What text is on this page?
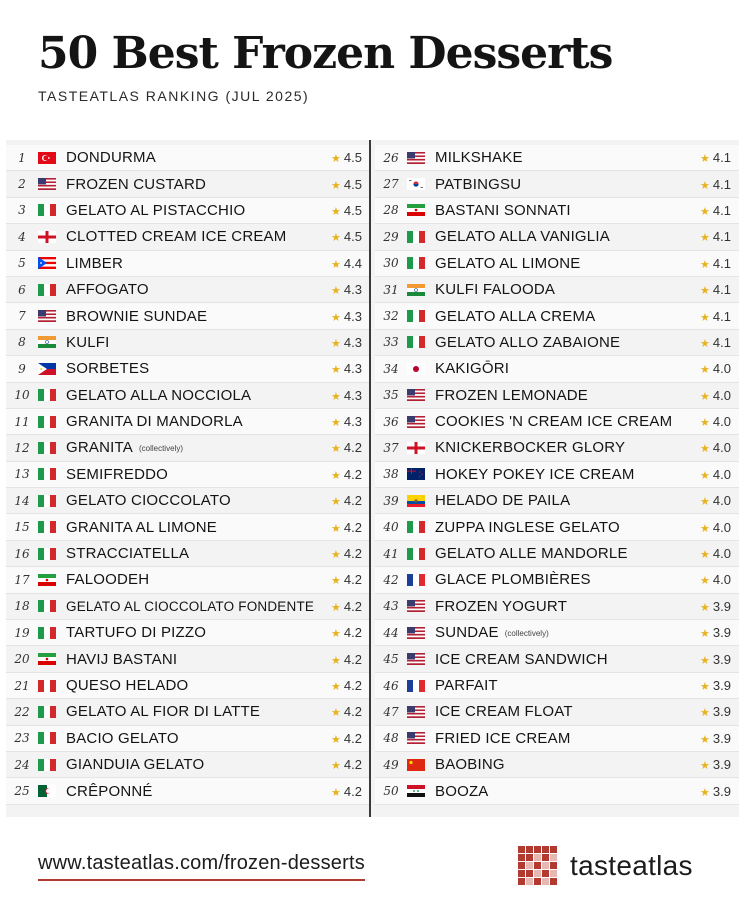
50 Best Frozen Desserts
TASTEATLAS RANKING (JUL 2025)
1	DONDURMA	★ 4.5
2	FROZEN CUSTARD	★ 4.5
3	GELATO AL PISTACCHIO	★ 4.5
4	CLOTTED CREAM ICE CREAM	★ 4.5
5	LIMBER	★ 4.4
6	AFFOGATO	★ 4.3
7	BROWNIE SUNDAE	★ 4.3
8	KULFI	★ 4.3
9	SORBETES	★ 4.3
10	GELATO ALLA NOCCIOLA	★ 4.3
11	GRANITA DI MANDORLA	★ 4.3
12	GRANITA (collectively)	★ 4.2
13	SEMIFREDDO	★ 4.2
14	GELATO CIOCCOLATO	★ 4.2
15	GRANITA AL LIMONE	★ 4.2
16	STRACCIATELLA	★ 4.2
17	FALOODEH	★ 4.2
18	GELATO AL CIOCCOLATO FONDENTE	★ 4.2
19	TARTUFO DI PIZZO	★ 4.2
20	HAVIJ BASTANI	★ 4.2
21	QUESO HELADO	★ 4.2
22	GELATO AL FIOR DI LATTE	★ 4.2
23	BACIO GELATO	★ 4.2
24	GIANDUIA GELATO	★ 4.2
25	CRÊPONNÉ	★ 4.2
26	MILKSHAKE	★ 4.1
27	PATBINGSU	★ 4.1
28	BASTANI SONNATI	★ 4.1
29	GELATO ALLA VANIGLIA	★ 4.1
30	GELATO AL LIMONE	★ 4.1
31	KULFI FALOODA	★ 4.1
32	GELATO ALLA CREMA	★ 4.1
33	GELATO ALLO ZABAIONE	★ 4.1
34	KAKIGŌRI	★ 4.0
35	FROZEN LEMONADE	★ 4.0
36	COOKIES 'N CREAM ICE CREAM	★ 4.0
37	KNICKERBOCKER GLORY	★ 4.0
38	HOKEY POKEY ICE CREAM	★ 4.0
39	HELADO DE PAILA	★ 4.0
40	ZUPPA INGLESE GELATO	★ 4.0
41	GELATO ALLE MANDORLE	★ 4.0
42	GLACE PLOMBIÈRES	★ 4.0
43	FROZEN YOGURT	★ 3.9
44	SUNDAE (collectively)	★ 3.9
45	ICE CREAM SANDWICH	★ 3.9
46	PARFAIT	★ 3.9
47	ICE CREAM FLOAT	★ 3.9
48	FRIED ICE CREAM	★ 3.9
49	BAOBING	★ 3.9
50	BOOZA	★ 3.9
www.tasteatlas.com/frozen-desserts	tasteatlas
